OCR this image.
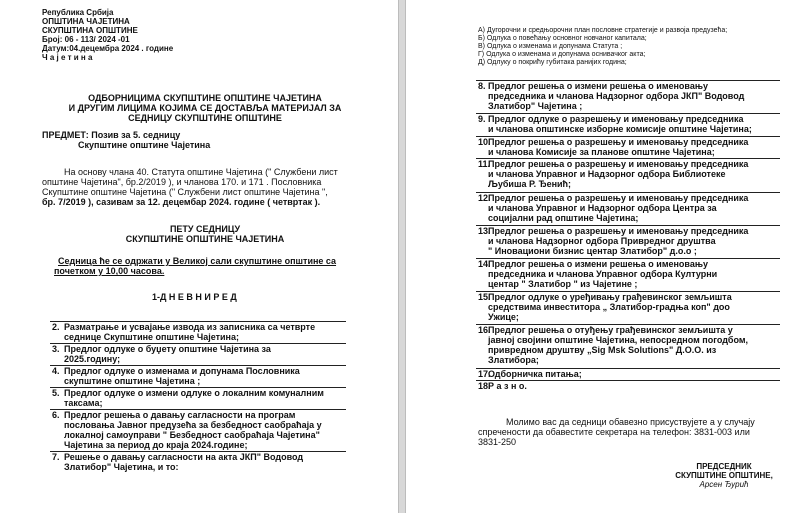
Република Србија
ОПШТИНА ЧАЈЕТИНА
СКУПШТИНА ОПШТИНЕ
Број: 06 - 113/ 2024 -01
Датум:04.децембра 2024 . године
Ч а ј е т и н а
ОДБОРНИЦИМА СКУПШТИНЕ ОПШТИНЕ ЧАЈЕТИНА
И ДРУГИМ ЛИЦИМА КОЈИМА СЕ ДОСТАВЉА МАТЕРИЈАЛ ЗА
СЕДНИЦУ СКУПШТИНЕ ОПШТИНЕ
ПРЕДМЕТ: Позив за 5. седницу
Скупштине општине Чајетина
На основу члана 40. Статута општине Чајетина (" Службени лист
општине Чајетина", бр.2/2019 ), и чланова 170. и 171 . Пословника
Скупштине општине Чајетина (" Службени лист општине Чајетина ",
бр. 7/2019 ), сазивам за 12. децембар 2024. године ( четвртак ).
ПЕТУ СЕДНИЦУ
СКУПШТИНЕ ОПШТИНЕ ЧАЈЕТИНА
Седница ће се одржати у Великој сали скупштине општине са
почетком у 10,00 часова.
1-Д Н Е В Н И Р Е Д
2. Разматрање и усвајање извода из записника са четврте
седнице Скупштине општине Чајетина;
3. Предлог одлуке о буџету општине Чајетина за
2025.годину;
4. Предлог одлуке о изменама и допунама Пословника
скупштине општине Чајетина ;
5. Предлог одлуке о измени одлуке о локалним комуналним
таксама;
6. Предлог решења о давању сагласности на програм
пословања Јавног предузећа за безбедност саобраћаја у
локалној самоуправи " Безбедност саобраћаја Чајетина"
Чајетина за период до краја 2024.године;
7. Решење о давању сагласности на акта ЈКП" Водовод
Златибор" Чајетина, и то:
А) Дугорочни и средњорочни план пословне стратегије и развоја предузећа;
Б) Одлука о повећању основног новчаног капитала;
В) Одлука о изменама и допунама Статута ;
Г) Одлука о изменама и допунама оснивачког акта;
Д) Одлуку о покрићу губитака ранијих година;
8. Предлог решења о измени решења о именовању
председника и чланова Надзорног одбора ЈКП" Водовод
Златибор" Чајетина ;
9. Предлог одлуке о разрешењу и именовању председника
и чланова општинске изборне комисије општине Чајетина;
10.
Предлог решења о разрешењу и именовању председника
и чланова Комисије за планове општине Чајетина;
11.
Предлог решења о разрешењу и именовању председника
и чланова Управног и Надзорног одбора Библиотеке
Љубиша Р. Ђенић;
12.
Предлог решења о разрешењу и именовању председника
и чланова Управног и Надзорног одбора Центра за
социјални рад општине Чајетина;
13.
Предлог решења о разрешењу и именовању председника
и чланова Надзорног одбора Привредног друштва
" Иновациони бизнис центар Златибор" д.о.о ;
14.
Предлог решења о измени решења о именовању
председника и чланова Управног одбора Културни
центар " Златибор " из Чајетине ;
15.
Предлог одлуке о уређивању грађевинског земљишта
средствима инвеститора „ Златибор-градња коп" доо
Ужице;
16.
Предлог решења о отуђењу грађевинског земљишта у
јавној својини општине Чајетина, непосредном погодбом,
привредном друштву „Sig Msk Solutions" Д.О.О. из
Златибора;
17.
Одборничка питања;
18.
Р а з н о.
Молимо вас да седници обавезно присуствујете а у случају
спречености да обавестите секретара на телефон: 3831-003 или
3831-250
ПРЕДСЕДНИК
СКУПШТИНЕ ОПШТИНЕ,
Арсен Ђурић
